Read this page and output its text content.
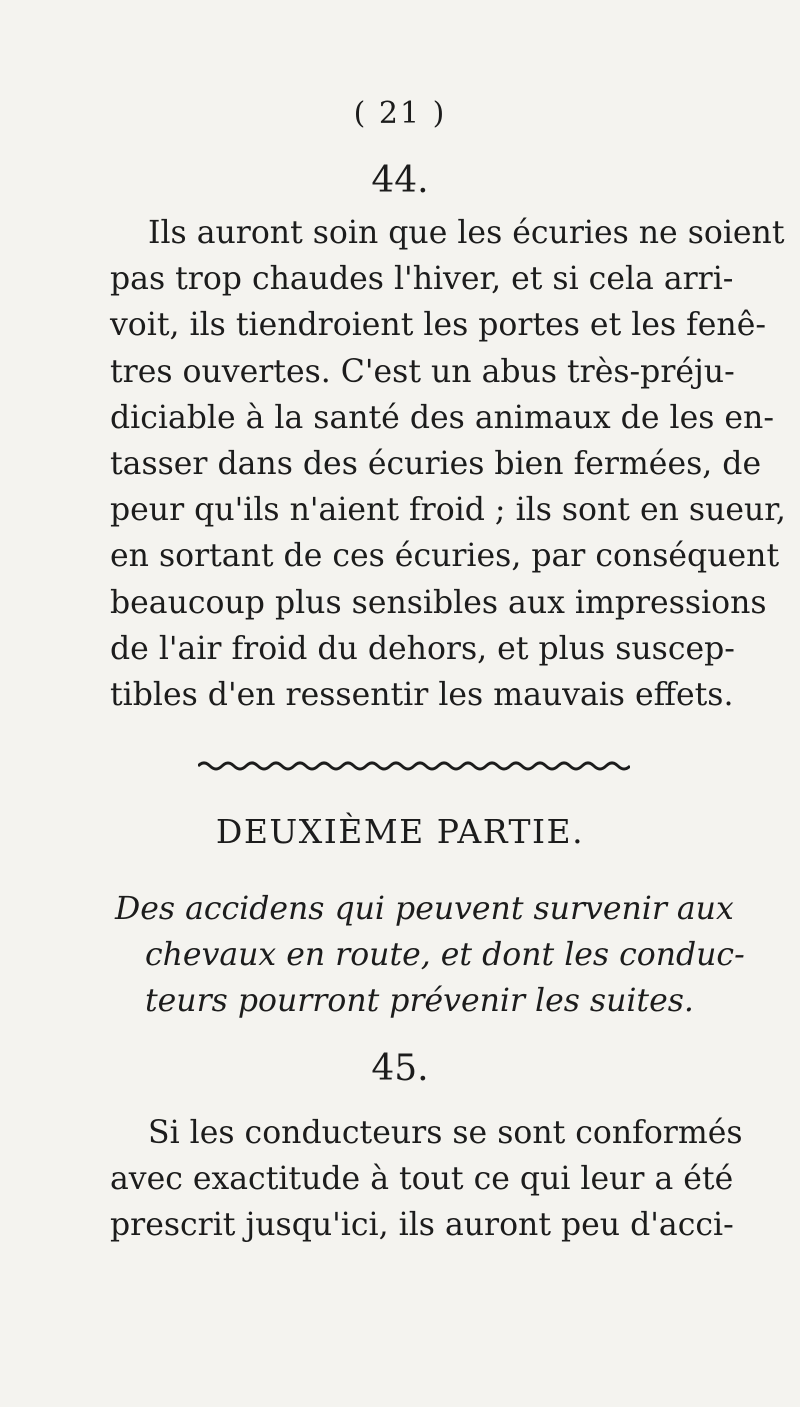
( 21 )
44.
Ils auront soin que les écuries ne soient
pas trop chaudes l'hiver, et si cela arri-
voit, ils tiendroient les portes et les fenê-
tres ouvertes. C'est un abus très-préju-
diciable à la santé des animaux de les en-
tasser dans des écuries bien fermées, de
peur qu'ils n'aient froid ; ils sont en sueur,
en sortant de ces écuries, par conséquent
beaucoup plus sensibles aux impressions
de l'air froid du dehors, et plus suscep-
tibles d'en ressentir les mauvais effets.
DEUXIÈME PARTIE.
Des accidens qui peuvent survenir aux
chevaux en route, et dont les conduc-
teurs pourront prévenir les suites.
45.
Si les conducteurs se sont conformés
avec exactitude à tout ce qui leur a été
prescrit jusqu'ici, ils auront peu d'acci-
